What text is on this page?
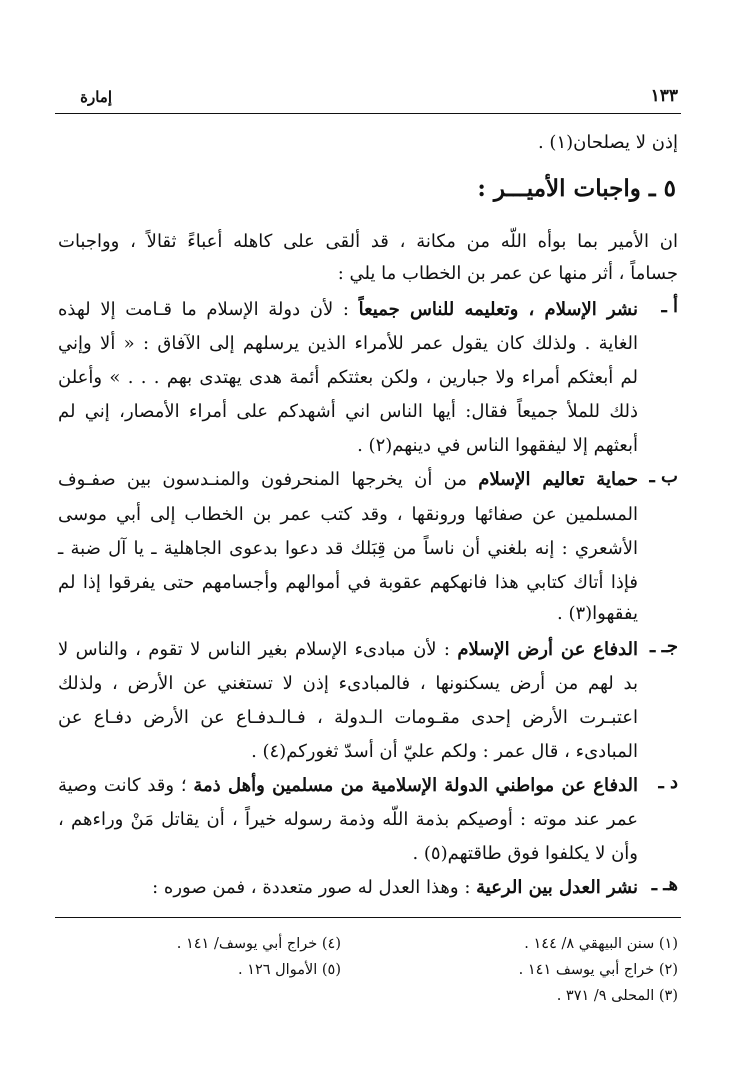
١٣٣
إمارة
إذن لا يصلحان(١) .
٥ ـ واجبات الأميـــر :
ان الأمير بما بوأه اللّه من مكانة ، قد ألقى على كاهله أعباءً ثقالاً ، وواجبات
جساماً ، أثر منها عن عمر بن الخطاب ما يلي :
أ ـ
نشر الإسلام ، وتعليمه للناس جميعاً : لأن دولة الإسلام ما قـامت إلا لهذه
الغاية . ولذلك كان يقول عمر للأمراء الذين يرسلهم إلى الآفاق : « ألا وإني
لم أبعثكم أمراء ولا جبارين ، ولكن بعثتكم أئمة هدى يهتدى بهم . . . » وأعلن
ذلك للملأ جميعاً فقال: أيها الناس اني أشهدكم على أمراء الأمصار، إني لم
أبعثهم إلا ليفقهوا الناس في دينهم(٢) .
ب ـ
حماية تعاليم الإسلام من أن يخرجها المنحرفون والمنـدسون بين صفـوف
المسلمين عن صفائها ورونقها ، وقد كتب عمر بن الخطاب إلى أبي موسى
الأشعري : إنه بلغني أن ناساً من قِبَلك قد دعوا بدعوى الجاهلية ـ يا آل ضبة ـ
فإذا أتاك كتابي هذا فانهكهم عقوبة في أموالهم وأجسامهم حتى يفرقوا إذا لم
يفقهوا(٣) .
جـ ـ
الدفاع عن أرض الإسلام : لأن مبادىء الإسلام بغير الناس لا تقوم ، والناس لا
بد لهم من أرض يسكنونها ، فالمبادىء إذن لا تستغني عن الأرض ، ولذلك
اعتبـرت الأرض إحدى مقـومات الـدولة ، فـالـدفـاع عن الأرض دفـاع عن
المبادىء ، قال عمر : ولكم عليّ أن أسدّ ثغوركم(٤) .
د ـ
الدفاع عن مواطني الدولة الإسلامية من مسلمين وأهل ذمة ؛ وقد كانت وصية
عمر عند موته : أوصيكم بذمة اللّه وذمة رسوله خيراً ، أن يقاتل مَنْ وراءهم ،
وأن لا يكلفوا فوق طاقتهم(٥) .
هـ ـ
نشر العدل بين الرعية : وهذا العدل له صور متعددة ، فمن صوره :
(١) سنن البيهقي ٨/ ١٤٤ .
(٢) خراج أبي يوسف ١٤١ .
(٣) المحلى ٩/ ٣٧١ .
(٤) خراج أبي يوسف/ ١٤١ .
(٥) الأموال ١٢٦ .
